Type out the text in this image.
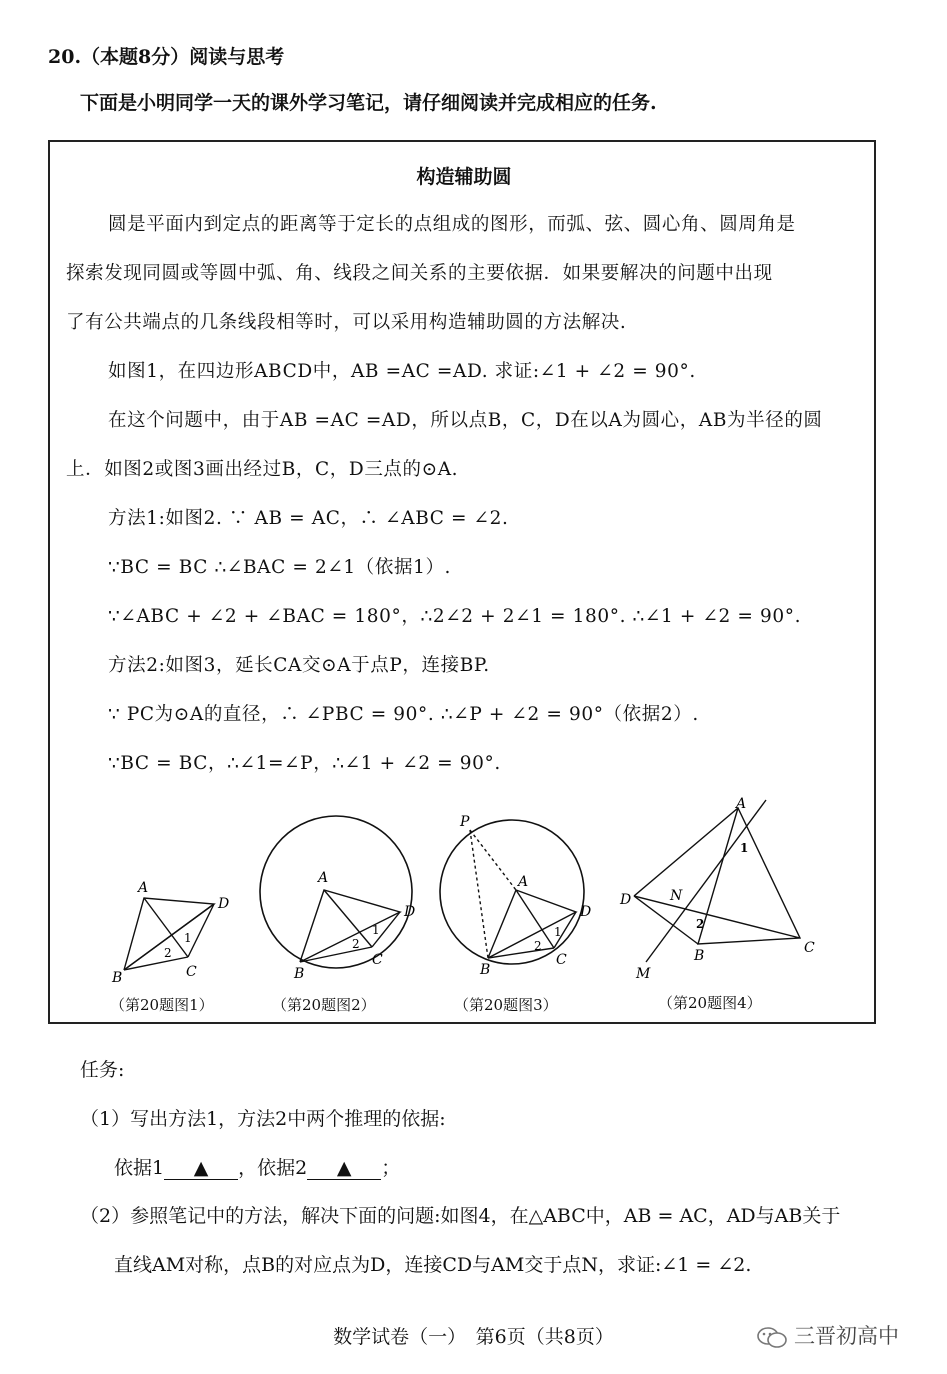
20.（本题8分）阅读与思考
下面是小明同学一天的课外学习笔记，请仔细阅读并完成相应的任务.
构造辅助圆
圆是平面内到定点的距离等于定长的点组成的图形，而弧、弦、圆心角、圆周角是
探索发现同圆或等圆中弧、角、线段之间关系的主要依据．如果要解决的问题中出现
了有公共端点的几条线段相等时，可以采用构造辅助圆的方法解决.
如图1，在四边形ABCD中，AB =AC =AD. 求证:∠1 + ∠2 = 90°.
在这个问题中，由于AB =AC =AD，所以点B，C，D在以A为圆心，AB为半径的圆
上．如图2或图3画出经过B，C，D三点的⊙A.
方法1:如图2. ∵ AB = AC，∴ ∠ABC = ∠2.
∵BC = BC ∴∠BAC = 2∠1（依据1）.
∵∠ABC + ∠2 + ∠BAC = 180°，∴2∠2 + 2∠1 = 180°. ∴∠1 + ∠2 = 90°.
方法2:如图3，延长CA交⊙A于点P，连接BP.
∵ PC为⊙A的直径，∴ ∠PBC = 90°. ∴∠P + ∠2 = 90°（依据2）.
∵BC = BC，∴∠1=∠P，∴∠1 + ∠2 = 90°.
A
B	C
D
2
1
（第20题图1）
A
B
C
D
2
1
（第20题图2）
P
A
B
C
D
2
1
（第20题图3）
A
B	C
D	N
M
1
2
（第20题图4）
任务:
（1）写出方法1，方法2中两个推理的依据:
依据1 ▲ ，依据2 ▲ ；
（2）参照笔记中的方法，解决下面的问题:如图4，在△ABC中，AB = AC，AD与AB关于
直线AM对称，点B的对应点为D，连接CD与AM交于点N，求证:∠1 = ∠2.
数学试卷（一）　第6页（共8页）	三晋初高中
